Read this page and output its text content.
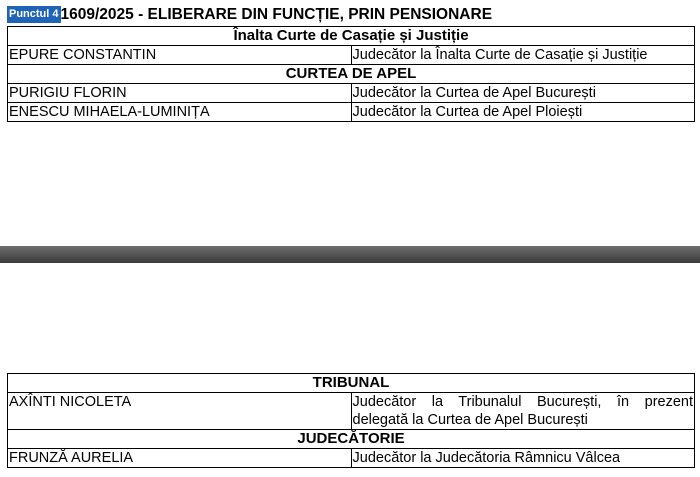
Punctul 4 1609/2025 - ELIBERARE DIN FUNCȚIE, PRIN PENSIONARE
Înalta Curte de Casație și Justiție	
EPURE CONSTANTIN	Judecător la Înalta Curte de Casație și Justiție
CURTEA DE APEL	
PURIGIU FLORIN	Judecător la Curtea de Apel București
ENESCU MIHAELA-LUMINIȚA	Judecător la Curtea de Apel Ploiești
TRIBUNAL	
AXÎNTI NICOLETA	Judecător la Tribunalul București, în prezent delegată la Curtea de Apel București
JUDECĂTORIE	
FRUNZĂ AURELIA	Judecător la Judecătoria Râmnicu Vâlcea
